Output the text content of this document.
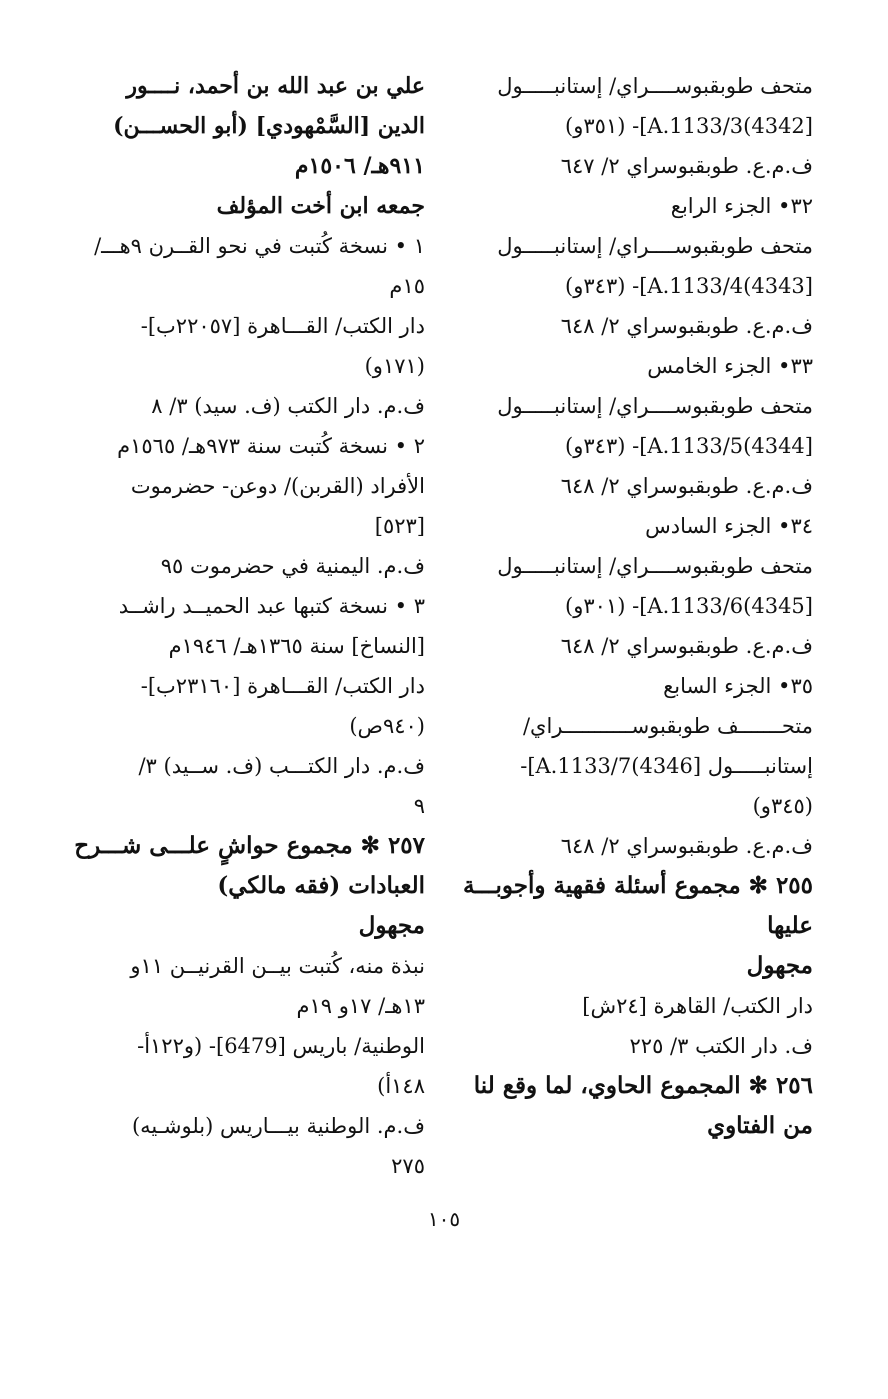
متحف طوبقبوســــراي/ إستانبـــــول
[4342)A.1133/3]- (٣٥١و)
ف.م.ع. طوبقبوسراي ٢/ ٦٤٧
٣٢• الجزء الرابع
متحف طوبقبوســــراي/ إستانبـــــول
[4343)A.1133/4]- (٣٤٣و)
ف.م.ع. طوبقبوسراي ٢/ ٦٤٨
٣٣• الجزء الخامس
متحف طوبقبوســــراي/ إستانبـــــول
[4344)A.1133/5]- (٣٤٣و)
ف.م.ع. طوبقبوسراي ٢/ ٦٤٨
٣٤• الجزء السادس
متحف طوبقبوســــراي/ إستانبـــــول
[4345)A.1133/6]- (٣٠١و)
ف.م.ع. طوبقبوسراي ٢/ ٦٤٨
٣٥• الجزء السابع
متحـــــــف طوبقبوســـــــــــراي/
إستانبـــــول [4346)A.1133/7]-
(٣٤٥و)
ف.م.ع. طوبقبوسراي ٢/ ٦٤٨
٢٥٥ ✻ مجموع أسئلة فقهية وأجوبـــة
عليها
مجهول
دار الكتب/ القاهرة [٢٤ش]
ف. دار الكتب ٣/ ٢٢٥
٢٥٦ ✻ المجموع الحاوي، لما وقع لنا
من الفتاوي
علي بن عبد الله بن أحمد، نــــور
الدين [السَّمْهودي] (أبو الحســـن)
٩١١هـ/ ١٥٠٦م
جمعه ابن أخت المؤلف
١ • نسخة كُتبت في نحو القــرن ٩هـــ/
١٥م
دار الكتب/ القـــاهرة [٢٢٠٥٧ب]-
(١٧١و)
ف.م. دار الكتب (ف. سيد) ٣/ ٨
٢ • نسخة كُتبت سنة ٩٧٣هـ/ ١٥٦٥م
الأفراد (القربن)/ دوعن- حضرموت
[٥٢٣]
ف.م. اليمنية في حضرموت ٩٥
٣ • نسخة كتبها عبد الحميــد راشــد
[النساخ] سنة ١٣٦٥هـ/ ١٩٤٦م
دار الكتب/ القـــاهرة [٢٣١٦٠ب]-
(٩٤٠ص)
ف.م. دار الكتـــب (ف. ســيد) ٣/
٩
٢٥٧ ✻ مجموع حواشٍ علـــى شـــرح
العبادات (فقه مالكي)
مجهول
نبذة منه، كُتبت بيــن القرنيــن ١١و
١٣هـ/ ١٧و ١٩م
الوطنية/ باريس [6479]- (و١٢٢أ-
١٤٨أ)
ف.م. الوطنية بيـــاريس (بلوشـيه)
٢٧٥
١٠٥
